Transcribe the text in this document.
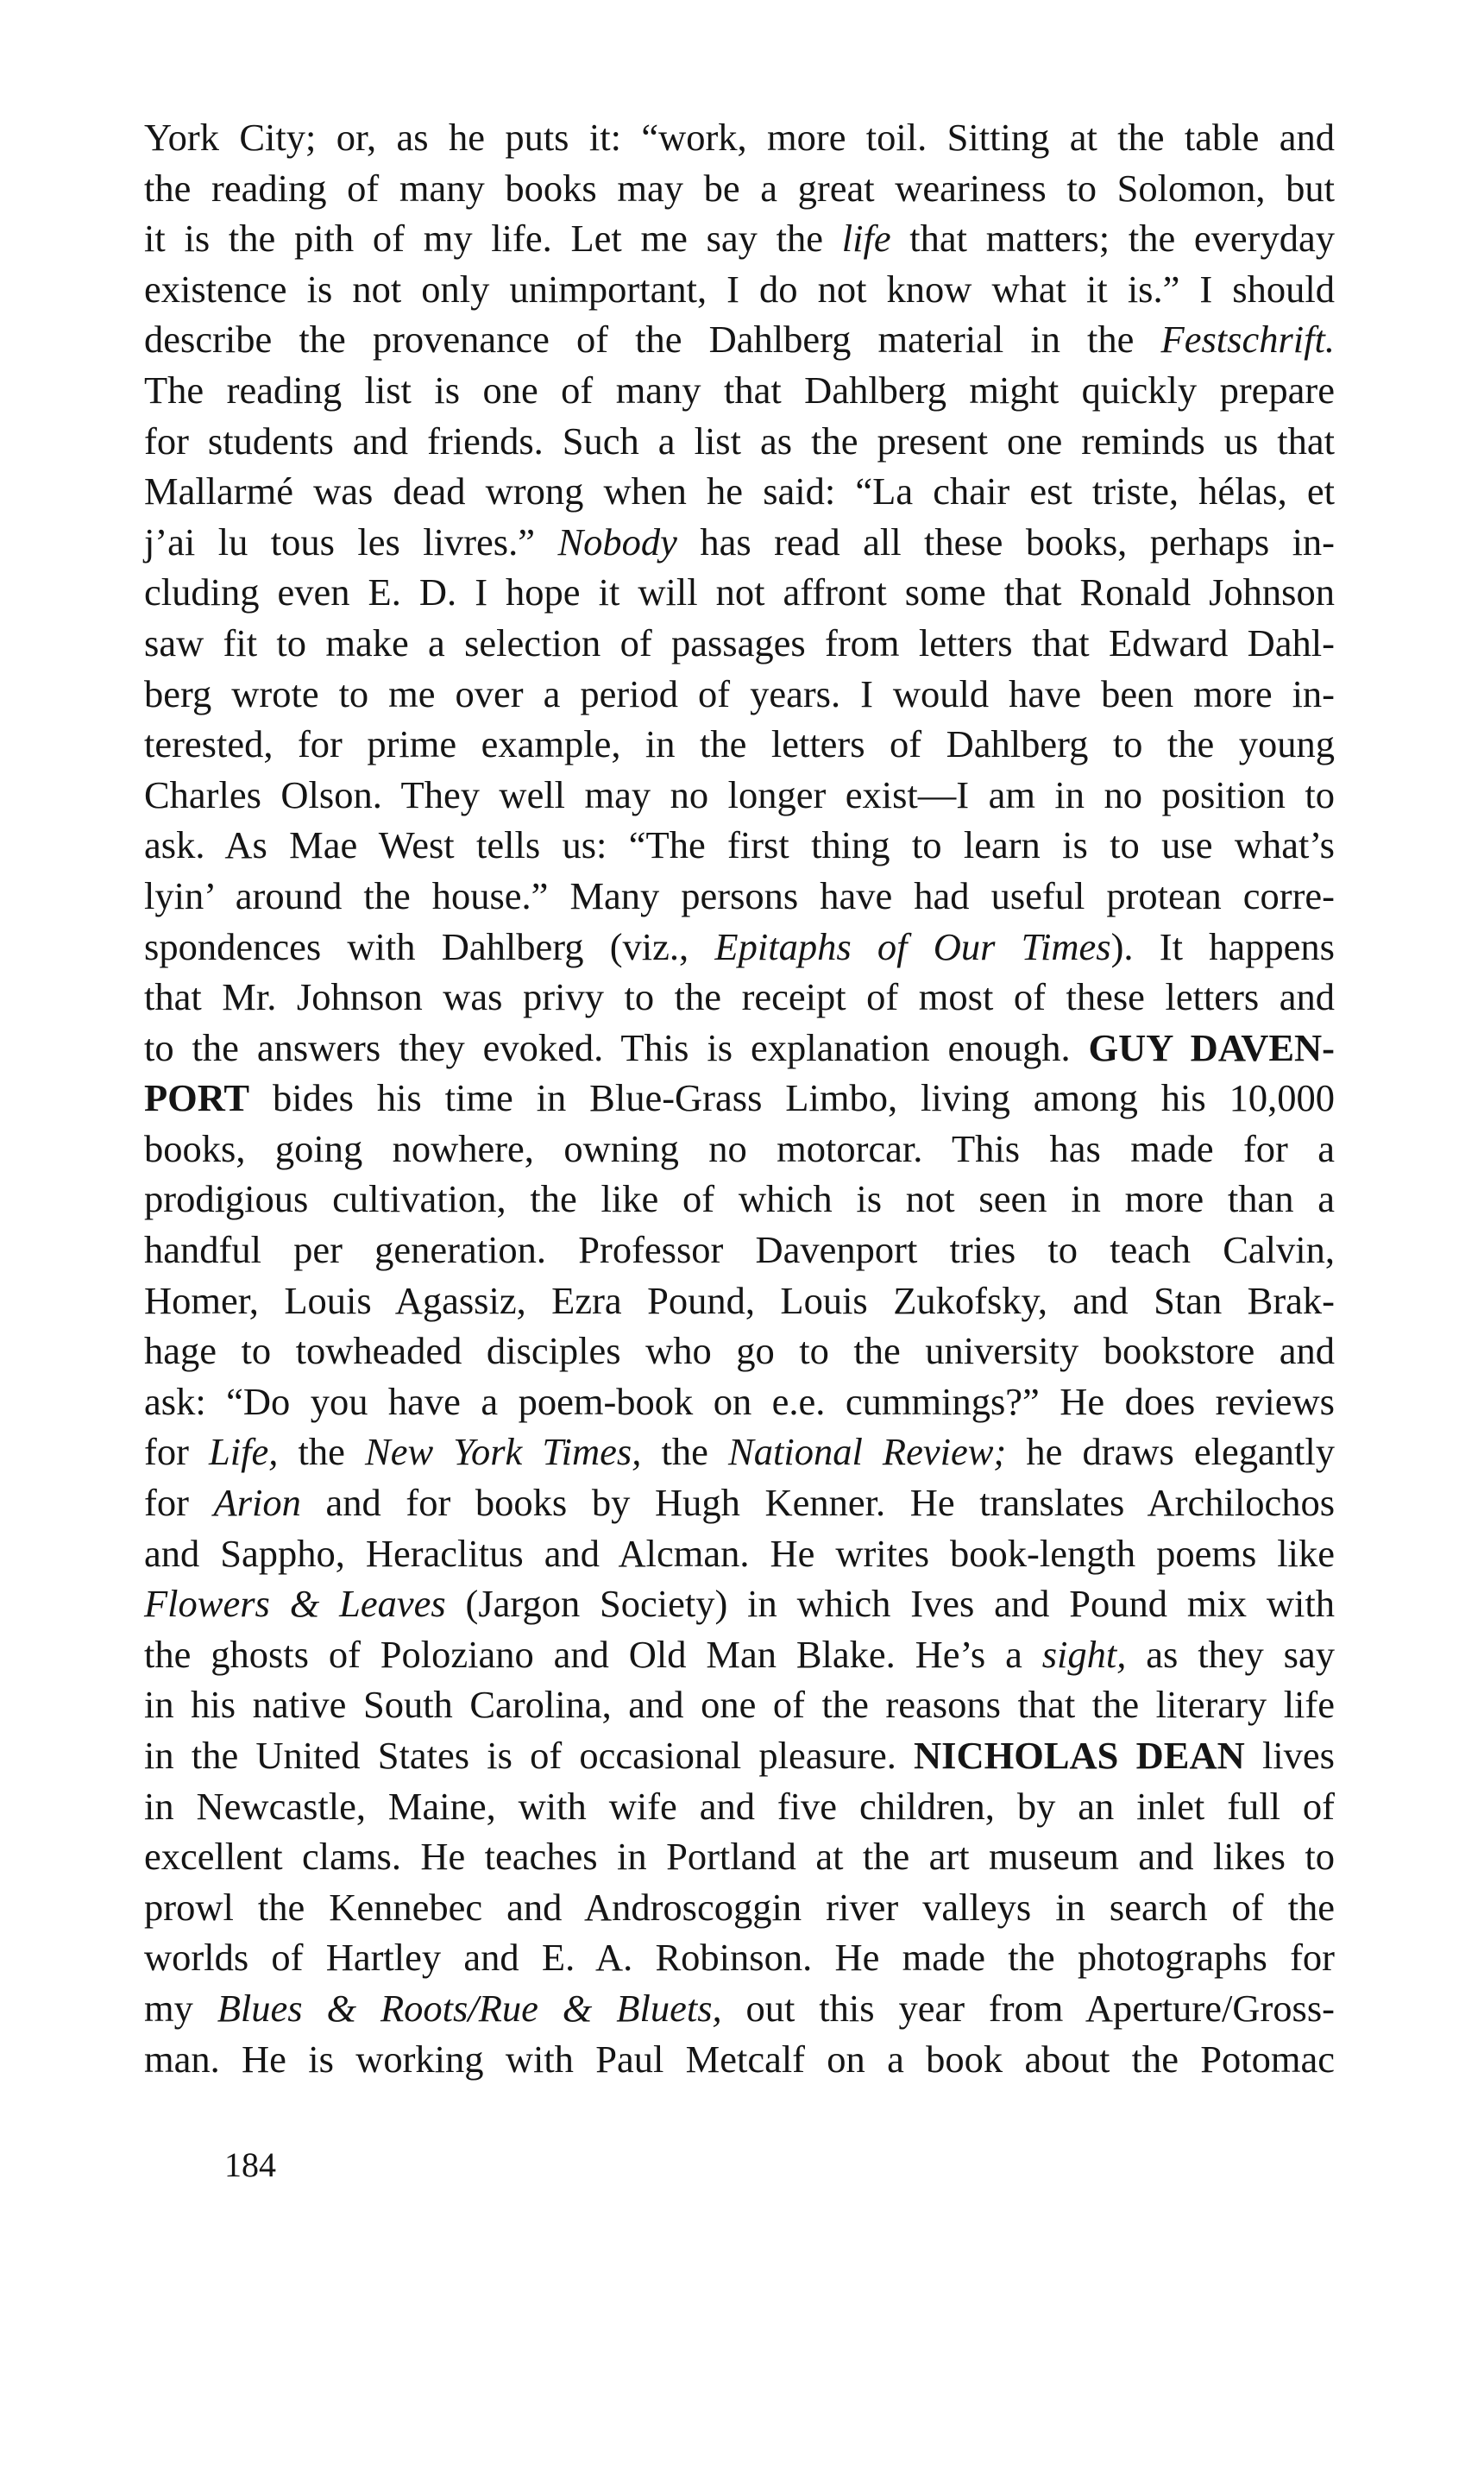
York City; or, as he puts it: “work, more toil. Sitting at the table and
the reading of many books may be a great weariness to Solomon, but
it is the pith of my life. Let me say the life that matters; the everyday
existence is not only unimportant, I do not know what it is.” I should
describe the provenance of the Dahlberg material in the Festschrift.
The reading list is one of many that Dahlberg might quickly prepare
for students and friends. Such a list as the present one reminds us that
Mallarmé was dead wrong when he said: “La chair est triste, hélas, et
j’ai lu tous les livres.” Nobody has read all these books, perhaps in-
cluding even E. D. I hope it will not affront some that Ronald Johnson
saw fit to make a selection of passages from letters that Edward Dahl-
berg wrote to me over a period of years. I would have been more in-
terested, for prime example, in the letters of Dahlberg to the young
Charles Olson. They well may no longer exist—I am in no position to
ask. As Mae West tells us: “The first thing to learn is to use what’s
lyin’ around the house.” Many persons have had useful protean corre-
spondences with Dahlberg (viz., Epitaphs of Our Times). It happens
that Mr. Johnson was privy to the receipt of most of these letters and
to the answers they evoked. This is explanation enough. GUY DAVEN-
PORT bides his time in Blue-Grass Limbo, living among his 10,000
books, going nowhere, owning no motorcar. This has made for a
prodigious cultivation, the like of which is not seen in more than a
handful per generation. Professor Davenport tries to teach Calvin,
Homer, Louis Agassiz, Ezra Pound, Louis Zukofsky, and Stan Brak-
hage to towheaded disciples who go to the university bookstore and
ask: “Do you have a poem-book on e.e. cummings?” He does reviews
for Life, the New York Times, the National Review; he draws elegantly
for Arion and for books by Hugh Kenner. He translates Archilochos
and Sappho, Heraclitus and Alcman. He writes book-length poems like
Flowers & Leaves (Jargon Society) in which Ives and Pound mix with
the ghosts of Poloziano and Old Man Blake. He’s a sight, as they say
in his native South Carolina, and one of the reasons that the literary life
in the United States is of occasional pleasure. NICHOLAS DEAN lives
in Newcastle, Maine, with wife and five children, by an inlet full of
excellent clams. He teaches in Portland at the art museum and likes to
prowl the Kennebec and Androscoggin river valleys in search of the
worlds of Hartley and E. A. Robinson. He made the photographs for
my Blues & Roots/Rue & Bluets, out this year from Aperture/Gross-
man. He is working with Paul Metcalf on a book about the Potomac
184
